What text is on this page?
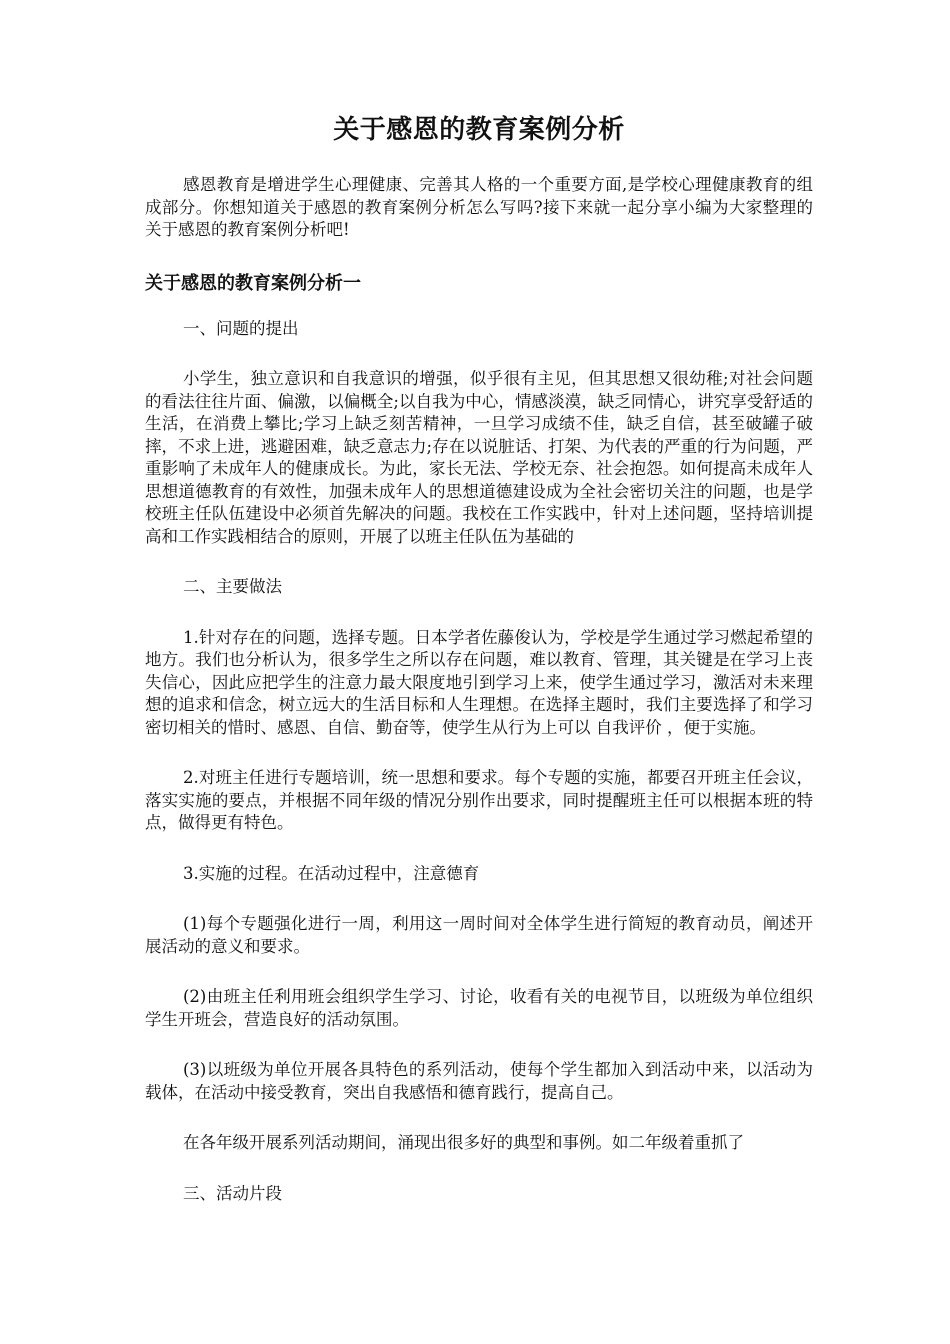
关于感恩的教育案例分析

感恩教育是增进学生心理健康、完善其人格的一个重要方面,是学校心理健康教育的组成部分。你想知道关于感恩的教育案例分析怎么写吗?接下来就一起分享小编为大家整理的关于感恩的教育案例分析吧!

关于感恩的教育案例分析一

一、问题的提出

小学生，独立意识和自我意识的增强，似乎很有主见，但其思想又很幼稚;对社会问题的看法往往片面、偏激，以偏概全;以自我为中心，情感淡漠，缺乏同情心，讲究享受舒适的生活，在消费上攀比;学习上缺乏刻苦精神，一旦学习成绩不佳，缺乏自信，甚至破罐子破摔，不求上进，逃避困难，缺乏意志力;存在以说脏话、打架、为代表的严重的行为问题，严重影响了未成年人的健康成长。为此，家长无法、学校无奈、社会抱怨。如何提高未成年人思想道德教育的有效性，加强未成年人的思想道德建设成为全社会密切关注的问题，也是学校班主任队伍建设中必须首先解决的问题。我校在工作实践中，针对上述问题，坚持培训提高和工作实践相结合的原则，开展了以班主任队伍为基础的

二、主要做法

1.针对存在的问题，选择专题。日本学者佐藤俊认为，学校是学生通过学习燃起希望的地方。我们也分析认为，很多学生之所以存在问题，难以教育、管理，其关键是在学习上丧失信心，因此应把学生的注意力最大限度地引到学习上来，使学生通过学习，激活对未来理想的追求和信念，树立远大的生活目标和人生理想。在选择主题时，我们主要选择了和学习密切相关的惜时、感恩、自信、勤奋等，使学生从行为上可以 自我评价 ，便于实施。

2.对班主任进行专题培训，统一思想和要求。每个专题的实施，都要召开班主任会议，落实实施的要点，并根据不同年级的情况分别作出要求，同时提醒班主任可以根据本班的特点，做得更有特色。

3.实施的过程。在活动过程中，注意德育

(1)每个专题强化进行一周，利用这一周时间对全体学生进行简短的教育动员，阐述开展活动的意义和要求。

(2)由班主任利用班会组织学生学习、讨论，收看有关的电视节目，以班级为单位组织学生开班会，营造良好的活动氛围。

(3)以班级为单位开展各具特色的系列活动，使每个学生都加入到活动中来，以活动为载体，在活动中接受教育，突出自我感悟和德育践行，提高自己。

在各年级开展系列活动期间，涌现出很多好的典型和事例。如二年级着重抓了

三、活动片段
